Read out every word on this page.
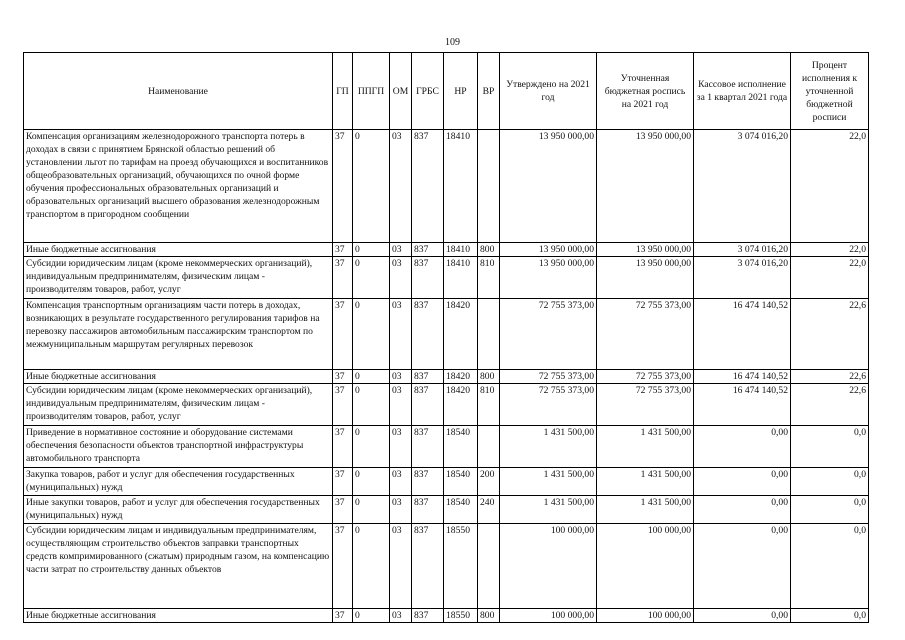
109
Наименование	ГП	ППГП	ОМ	ГРБС	НР	ВР	Утверждено на 2021 год	Уточненная бюджетная роспись на 2021 год	Кассовое исполнение за 1 квартал 2021 года	Процент исполнения к уточненной бюджетной росписи
Компенсация организациям железнодорожного транспорта потерь в доходах в связи с принятием Брянской областью решений об установлении льгот по тарифам на проезд обучающихся и воспитанников общеобразовательных организаций, обучающихся по очной форме обучения профессиональных образовательных организаций и образовательных организаций высшего образования железнодорожным транспортом в пригородном сообщении	37	0	03	837	18410		13 950 000,00	13 950 000,00	3 074 016,20	22,0
Иные бюджетные ассигнования	37	0	03	837	18410	800	13 950 000,00	13 950 000,00	3 074 016,20	22,0
Субсидии юридическим лицам (кроме некоммерческих организаций), индивидуальным предпринимателям, физическим лицам - производителям товаров, работ, услуг	37	0	03	837	18410	810	13 950 000,00	13 950 000,00	3 074 016,20	22,0
Компенсация транспортным организациям части потерь в доходах, возникающих в результате государственного регулирования тарифов на перевозку пассажиров автомобильным пассажирским транспортом по межмуниципальным маршрутам регулярных перевозок	37	0	03	837	18420		72 755 373,00	72 755 373,00	16 474 140,52	22,6
Иные бюджетные ассигнования	37	0	03	837	18420	800	72 755 373,00	72 755 373,00	16 474 140,52	22,6
Субсидии юридическим лицам (кроме некоммерческих организаций), индивидуальным предпринимателям, физическим лицам - производителям товаров, работ, услуг	37	0	03	837	18420	810	72 755 373,00	72 755 373,00	16 474 140,52	22,6
Приведение в нормативное состояние и оборудование системами обеспечения безопасности объектов транспортной инфраструктуры автомобильного транспорта	37	0	03	837	18540		1 431 500,00	1 431 500,00	0,00	0,0
Закупка товаров, работ и услуг для обеспечения государственных (муниципальных) нужд	37	0	03	837	18540	200	1 431 500,00	1 431 500,00	0,00	0,0
Иные закупки товаров, работ и услуг для обеспечения государственных (муниципальных) нужд	37	0	03	837	18540	240	1 431 500,00	1 431 500,00	0,00	0,0
Субсидии юридическим лицам и индивидуальным предпринимателям, осуществляющим строительство объектов заправки транспортных средств компримированного (сжатым) природным газом, на компенсацию части затрат по строительству данных объектов	37	0	03	837	18550		100 000,00	100 000,00	0,00	0,0
Иные бюджетные ассигнования	37	0	03	837	18550	800	100 000,00	100 000,00	0,00	0,0
